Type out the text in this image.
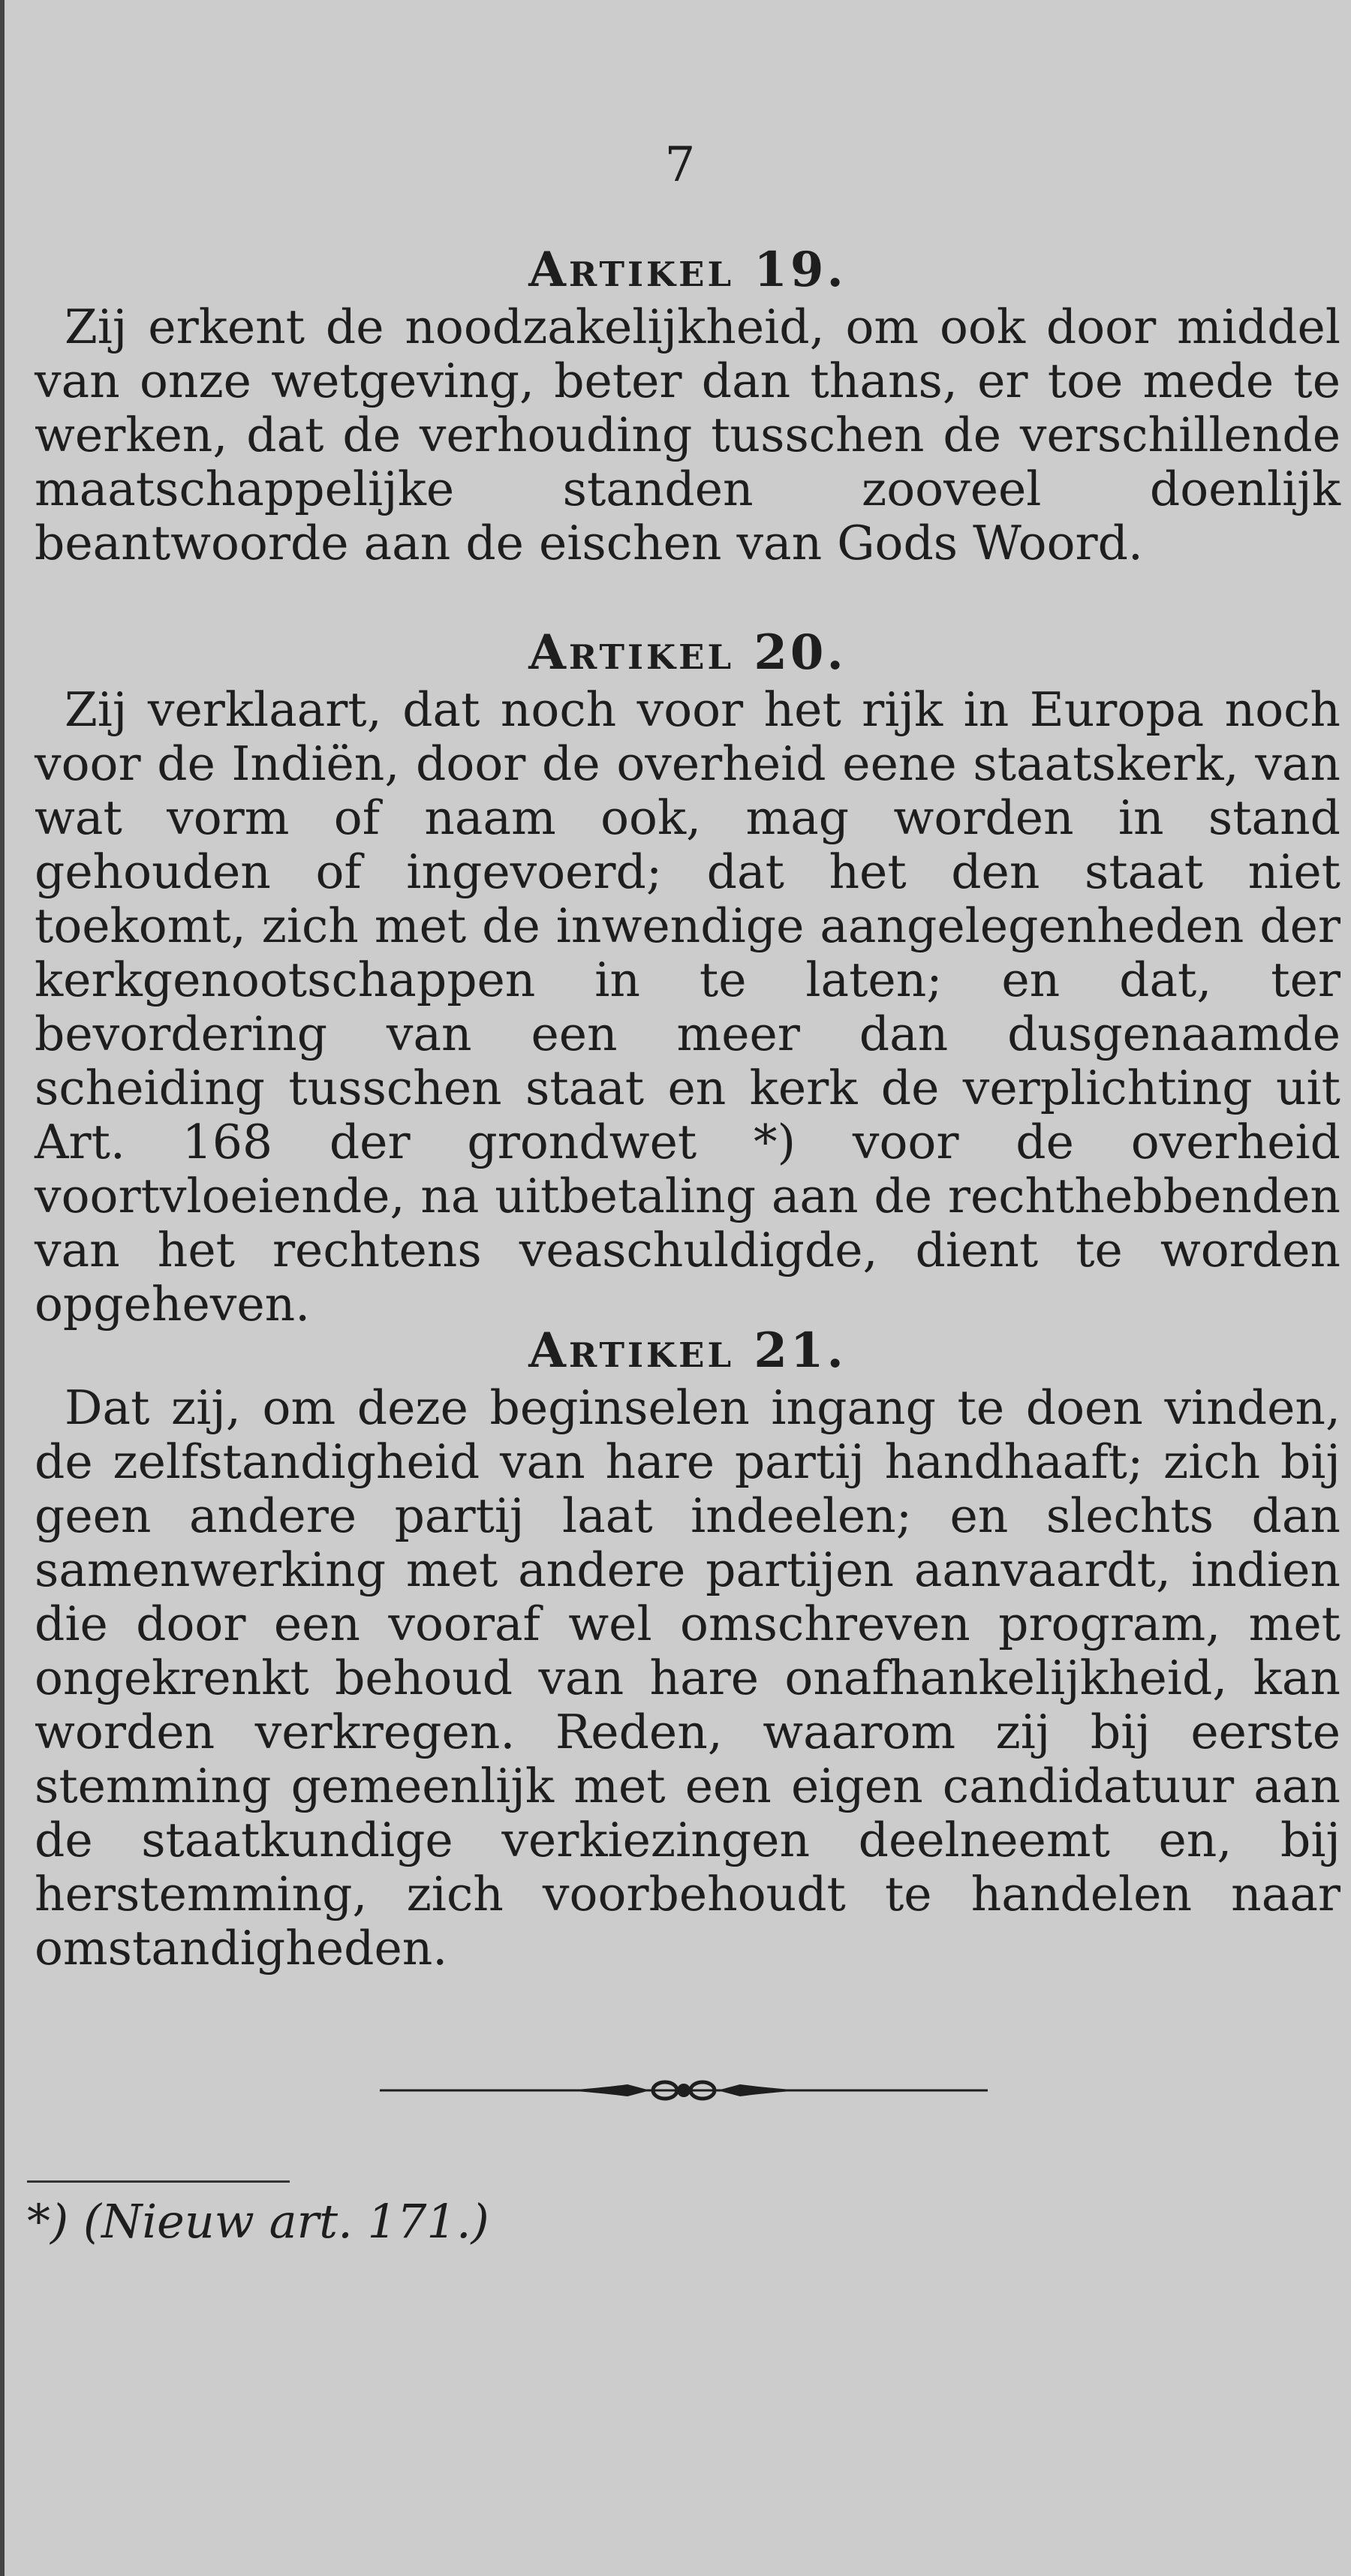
7
Artikel 19.

Zij erkent de noodzakelijkheid, om ook door middel van onze wetgeving, beter dan thans, er toe mede te werken, dat de verhouding tusschen de verschillende maatschappelijke standen zooveel doenlijk beantwoorde aan de eischen van Gods Woord.

Artikel 20.

Zij verklaart, dat noch voor het rijk in Europa noch voor de Indiën, door de overheid eene staatskerk, van wat vorm of naam ook, mag worden in stand gehouden of ingevoerd; dat het den staat niet toekomt, zich met de inwendige aangelegenheden der kerkgenootschappen in te laten; en dat, ter bevordering van een meer dan dusgenaamde scheiding tusschen staat en kerk de verplichting uit Art. 168 der grondwet *) voor de overheid voortvloeiende, na uitbetaling aan de rechthebbenden van het rechtens veaschuldigde, dient te worden opgeheven.

Artikel 21.

Dat zij, om deze beginselen ingang te doen vinden, de zelfstandigheid van hare partij handhaaft; zich bij geen andere partij laat indeelen; en slechts dan samenwerking met andere partijen aanvaardt, indien die door een vooraf wel omschreven program, met ongekrenkt behoud van hare onafhankelijkheid, kan worden verkregen. Reden, waarom zij bij eerste stemming gemeenlijk met een eigen candidatuur aan de staatkundige verkiezingen deelneemt en, bij herstemming, zich voorbehoudt te handelen naar omstandigheden.

*) (Nieuw art. 171.)
